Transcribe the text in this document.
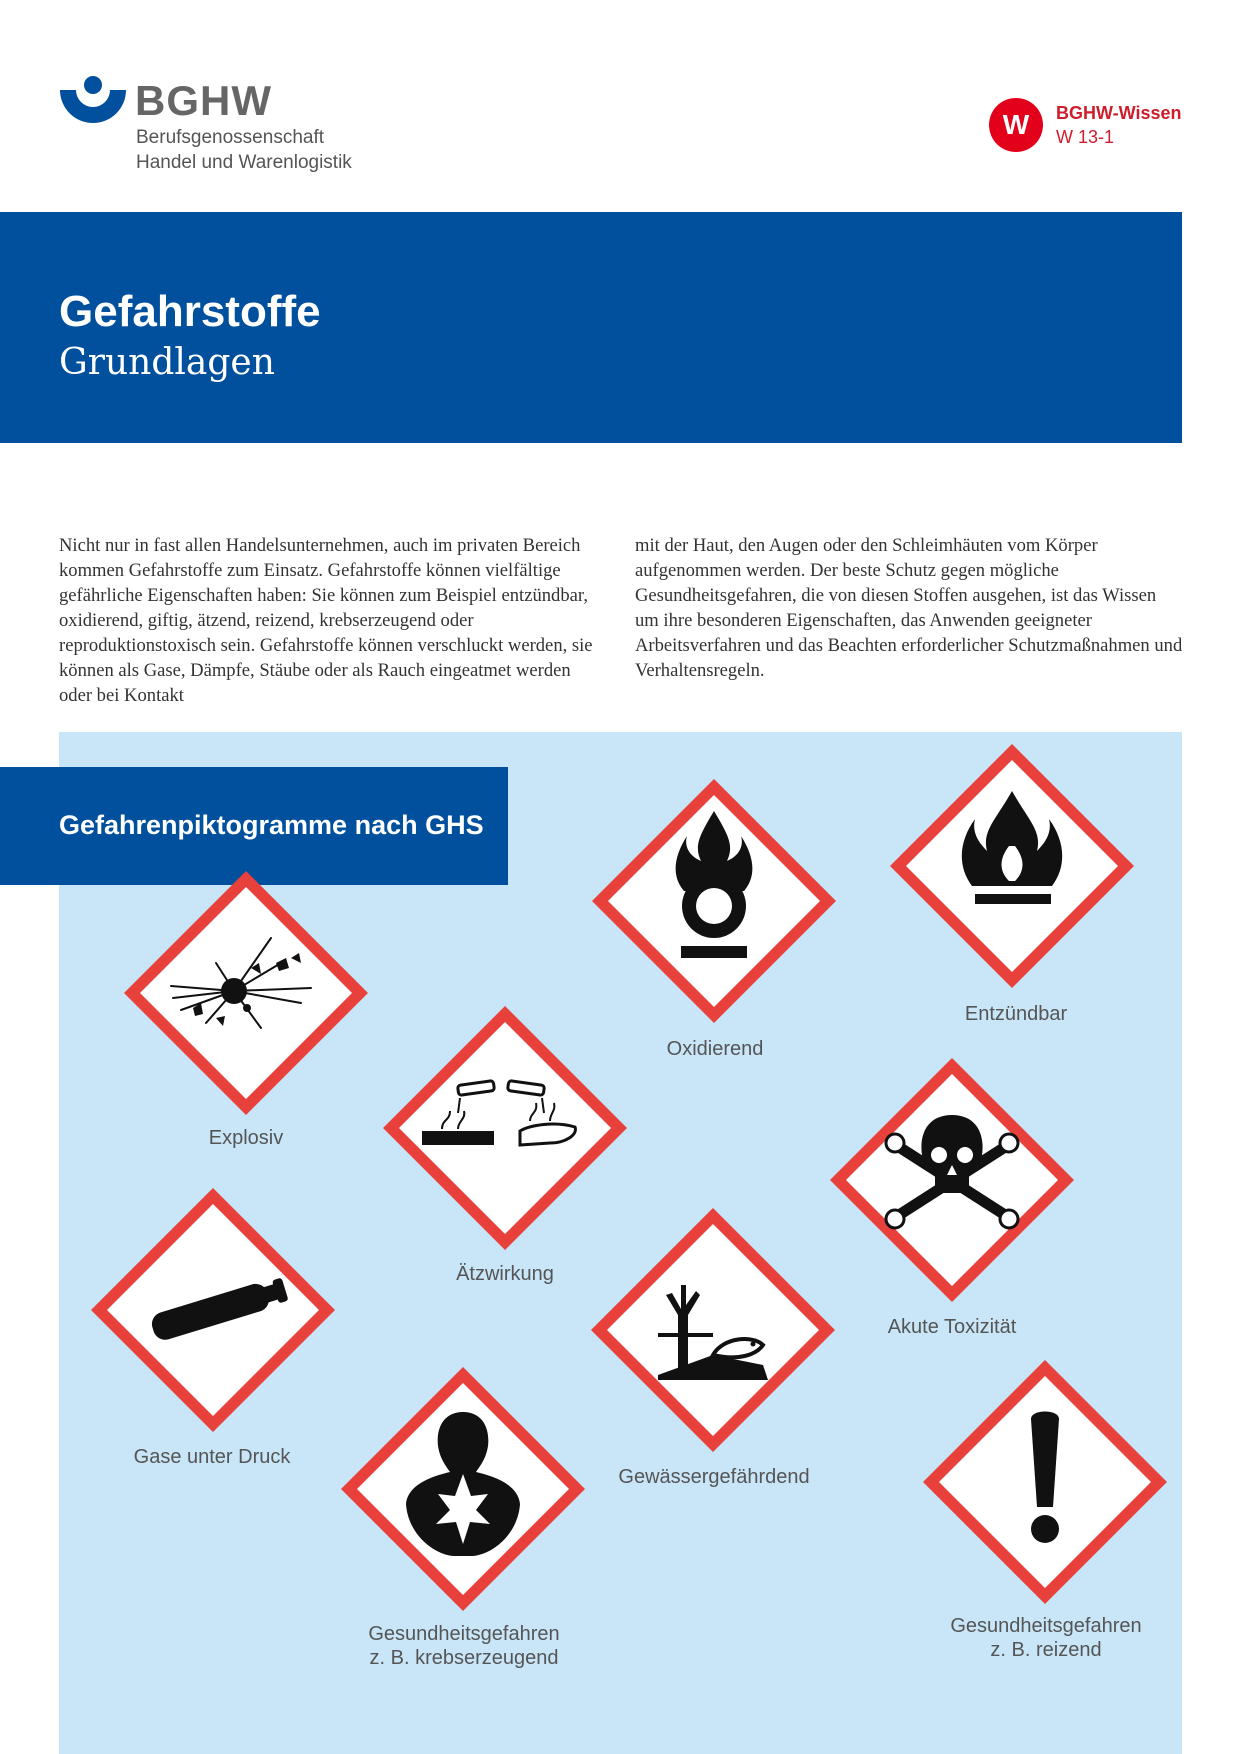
BGHW
Berufsgenossenschaft
Handel und Warenlogistik
W	BGHW-Wissen
W 13-1
Gefahrstoffe
Grundlagen

Nicht nur in fast allen Handelsunternehmen, auch im privaten Bereich kommen Gefahrstoffe zum Einsatz. Gefahrstoffe können vielfältige gefährliche Eigenschaften haben: Sie können zum Beispiel entzündbar, oxidierend, giftig, ätzend, reizend, krebserzeugend oder reproduktionstoxisch sein. Gefahrstoffe können verschluckt werden, sie können als Gase, Dämpfe, Stäube oder als Rauch eingeatmet werden oder bei Kontakt

mit der Haut, den Augen oder den Schleimhäuten vom Körper aufgenommen werden. Der beste Schutz gegen mögliche Gesundheitsgefahren, die von diesen Stoffen ausgehen, ist das Wissen um ihre besonderen Eigenschaften, das Anwenden geeigneter Arbeitsverfahren und das Beachten erforderlicher Schutzmaßnahmen und Verhaltensregeln.

Gefahrenpiktogramme nach GHS
Explosiv
Oxidierend
Entzündbar
Ätzwirkung
Akute Toxizität
Gase unter Druck
Gewässergefährdend
Gesundheitsgefahren
z. B. krebserzeugend
Gesundheitsgefahren
z. B. reizend
